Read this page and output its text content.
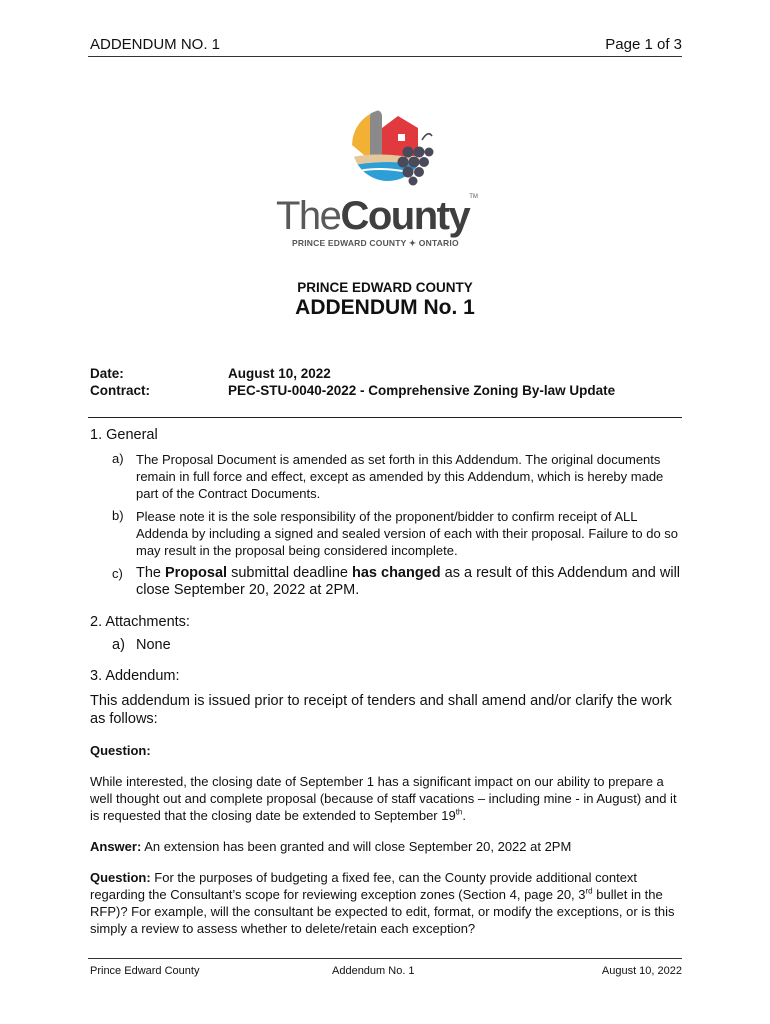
ADDENDUM NO. 1	Page 1 of 3
TheCounty™
PRINCE EDWARD COUNTY ✦ ONTARIO
PRINCE EDWARD COUNTY
ADDENDUM No. 1
Date:	August 10, 2022
Contract:	PEC-STU-0040-2022 - Comprehensive Zoning By-law Update
1. General
a) The Proposal Document is amended as set forth in this Addendum. The original documents remain in full force and effect, except as amended by this Addendum, which is hereby made part of the Contract Documents.
b) Please note it is the sole responsibility of the proponent/bidder to confirm receipt of ALL Addenda by including a signed and sealed version of each with their proposal. Failure to do so may result in the proposal being considered incomplete.
c) The Proposal submittal deadline has changed as a result of this Addendum and will close September 20, 2022 at 2PM.
2. Attachments:
a) None
3. Addendum:
This addendum is issued prior to receipt of tenders and shall amend and/or clarify the work as follows:
Question:
While interested, the closing date of September 1 has a significant impact on our ability to prepare a well thought out and complete proposal (because of staff vacations – including mine - in August) and it is requested that the closing date be extended to September 19th.
Answer: An extension has been granted and will close September 20, 2022 at 2PM
Question: For the purposes of budgeting a fixed fee, can the County provide additional context regarding the Consultant’s scope for reviewing exception zones (Section 4, page 20, 3rd bullet in the RFP)? For example, will the consultant be expected to edit, format, or modify the exceptions, or is this simply a review to assess whether to delete/retain each exception?
Prince Edward County	Addendum No. 1	August 10, 2022
